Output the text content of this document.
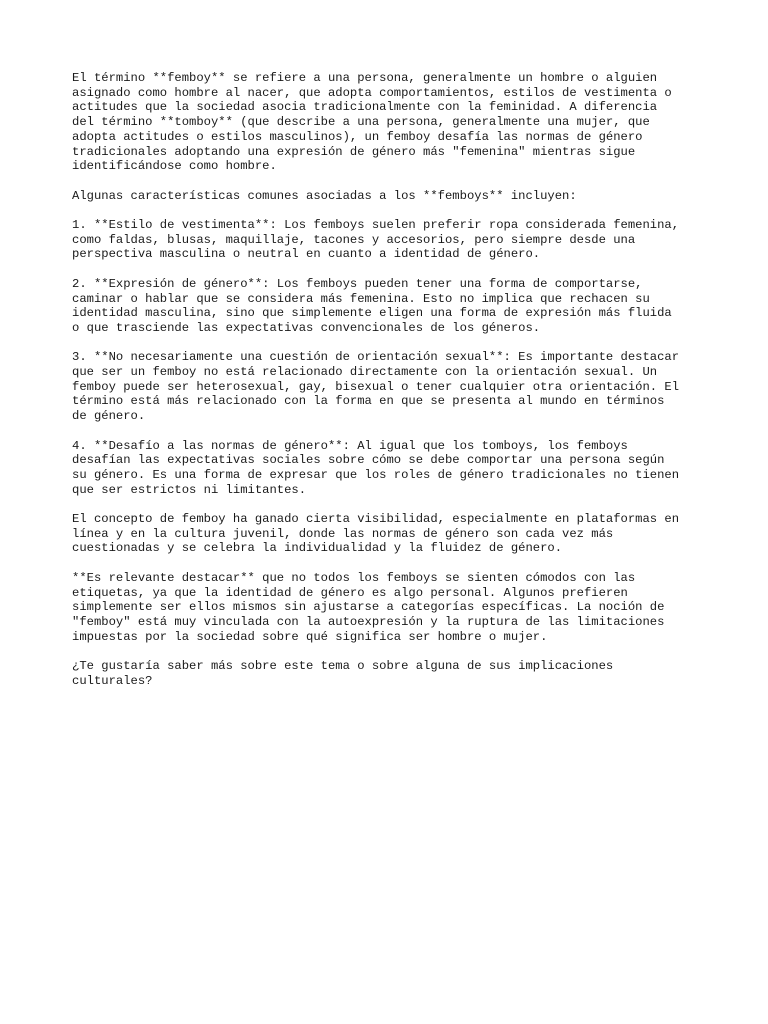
El término **femboy** se refiere a una persona, generalmente un hombre o alguien
asignado como hombre al nacer, que adopta comportamientos, estilos de vestimenta o
actitudes que la sociedad asocia tradicionalmente con la feminidad. A diferencia
del término **tomboy** (que describe a una persona, generalmente una mujer, que
adopta actitudes o estilos masculinos), un femboy desafía las normas de género
tradicionales adoptando una expresión de género más "femenina" mientras sigue
identificándose como hombre.

Algunas características comunes asociadas a los **femboys** incluyen:

1. **Estilo de vestimenta**: Los femboys suelen preferir ropa considerada femenina,
como faldas, blusas, maquillaje, tacones y accesorios, pero siempre desde una
perspectiva masculina o neutral en cuanto a identidad de género.

2. **Expresión de género**: Los femboys pueden tener una forma de comportarse,
caminar o hablar que se considera más femenina. Esto no implica que rechacen su
identidad masculina, sino que simplemente eligen una forma de expresión más fluida
o que trasciende las expectativas convencionales de los géneros.

3. **No necesariamente una cuestión de orientación sexual**: Es importante destacar
que ser un femboy no está relacionado directamente con la orientación sexual. Un
femboy puede ser heterosexual, gay, bisexual o tener cualquier otra orientación. El
término está más relacionado con la forma en que se presenta al mundo en términos
de género.

4. **Desafío a las normas de género**: Al igual que los tomboys, los femboys
desafían las expectativas sociales sobre cómo se debe comportar una persona según
su género. Es una forma de expresar que los roles de género tradicionales no tienen
que ser estrictos ni limitantes.

El concepto de femboy ha ganado cierta visibilidad, especialmente en plataformas en
línea y en la cultura juvenil, donde las normas de género son cada vez más
cuestionadas y se celebra la individualidad y la fluidez de género.

**Es relevante destacar** que no todos los femboys se sienten cómodos con las
etiquetas, ya que la identidad de género es algo personal. Algunos prefieren
simplemente ser ellos mismos sin ajustarse a categorías específicas. La noción de
"femboy" está muy vinculada con la autoexpresión y la ruptura de las limitaciones
impuestas por la sociedad sobre qué significa ser hombre o mujer.

¿Te gustaría saber más sobre este tema o sobre alguna de sus implicaciones
culturales?
